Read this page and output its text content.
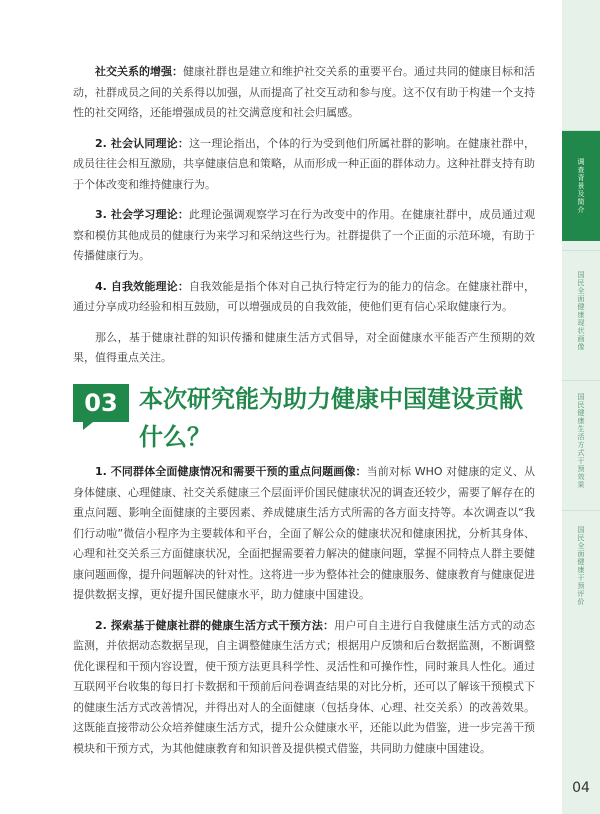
社交关系的增强：健康社群也是建立和维护社交关系的重要平台。通过共同的健康目标和活动，社群成员之间的关系得以加强，从而提高了社交互动和参与度。这不仅有助于构建一个支持性的社交网络，还能增强成员的社交满意度和社会归属感。

2. 社会认同理论：这一理论指出，个体的行为受到他们所属社群的影响。在健康社群中，成员往往会相互激励，共享健康信息和策略，从而形成一种正面的群体动力。这种社群支持有助于个体改变和维持健康行为。

3. 社会学习理论：此理论强调观察学习在行为改变中的作用。在健康社群中，成员通过观察和模仿其他成员的健康行为来学习和采纳这些行为。社群提供了一个正面的示范环境，有助于传播健康行为。

4. 自我效能理论：自我效能是指个体对自己执行特定行为的能力的信念。在健康社群中，通过分享成功经验和相互鼓励，可以增强成员的自我效能，使他们更有信心采取健康行为。

那么，基于健康社群的知识传播和健康生活方式倡导，对全面健康水平能否产生预期的效果，值得重点关注。

03 本次研究能为助力健康中国建设贡献什么？

1. 不同群体全面健康情况和需要干预的重点问题画像：当前对标 WHO 对健康的定义、从身体健康、心理健康、社交关系健康三个层面评价国民健康状况的调查还较少，需要了解存在的重点问题、影响全面健康的主要因素、养成健康生活方式所需的各方面支持等。本次调查以“我们行动啦”微信小程序为主要载体和平台，全面了解公众的健康状况和健康困扰，分析其身体、心理和社交关系三方面健康状况，全面把握需要着力解决的健康问题，掌握不同特点人群主要健康问题画像，提升问题解决的针对性。这将进一步为整体社会的健康服务、健康教育与健康促进提供数据支撑，更好提升国民健康水平，助力健康中国建设。

2. 探索基于健康社群的健康生活方式干预方法：用户可自主进行自我健康生活方式的动态监测，并依据动态数据呈现，自主调整健康生活方式；根据用户反馈和后台数据监测，不断调整优化课程和干预内容设置，使干预方法更具科学性、灵活性和可操作性，同时兼具人性化。通过互联网平台收集的每日打卡数据和干预前后问卷调查结果的对比分析，还可以了解该干预模式下的健康生活方式改善情况，并得出对人的全面健康（包括身体、心理、社交关系）的改善效果。这既能直接带动公众培养健康生活方式，提升公众健康水平，还能以此为借鉴，进一步完善干预模块和干预方式，为其他健康教育和知识普及提供模式借鉴，共同助力健康中国建设。

调查背景及简介
国民全面健康现状画像
国民健康生活方式干预效果
国民全面健康干预评价
04
